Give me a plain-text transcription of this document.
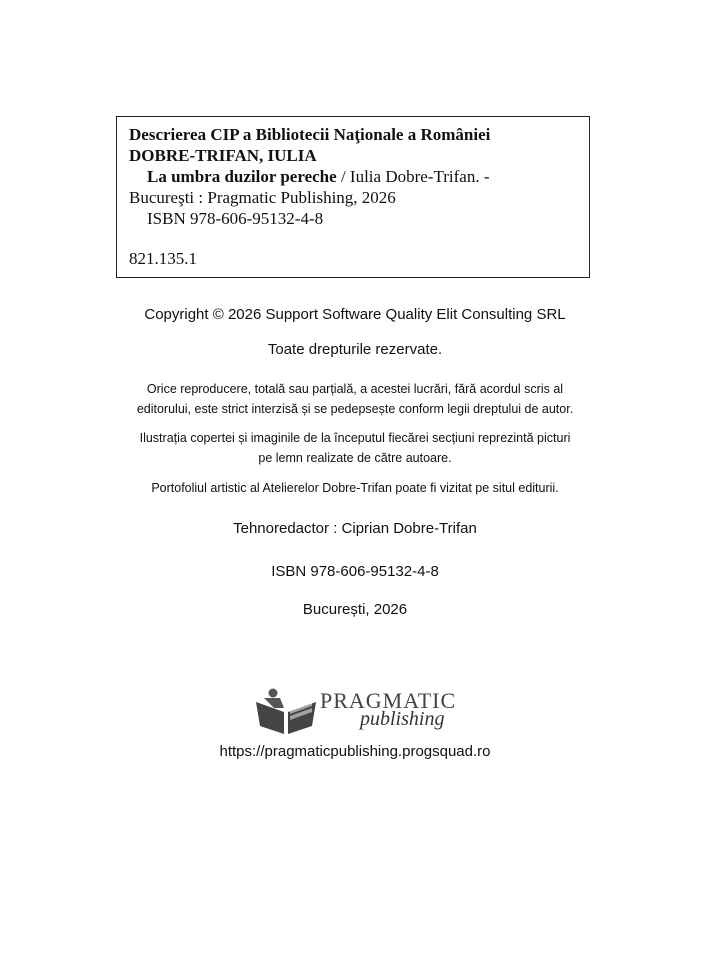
Descrierea CIP a Bibliotecii Naţionale a României
DOBRE-TRIFAN, IULIA
La umbra duzilor pereche / Iulia Dobre-Trifan. -
Bucureşti : Pragmatic Publishing, 2026
ISBN 978-606-95132-4-8
821.135.1
Copyright © 2026 Support Software Quality Elit Consulting SRL
Toate drepturile rezervate.
Orice reproducere, totală sau parțială, a acestei lucrări, fără acordul scris al
editorului, este strict interzisă și se pedepsește conform legii dreptului de autor.
Ilustrația copertei și imaginile de la începutul fiecărei secțiuni reprezintă picturi
pe lemn realizate de către autoare.
Portofoliul artistic al Atelierelor Dobre-Trifan poate fi vizitat pe situl editurii.
Tehnoredactor : Ciprian Dobre-Trifan
ISBN 978-606-95132-4-8
București, 2026
PRAGMATIC
publishing
https://pragmaticpublishing.progsquad.ro
